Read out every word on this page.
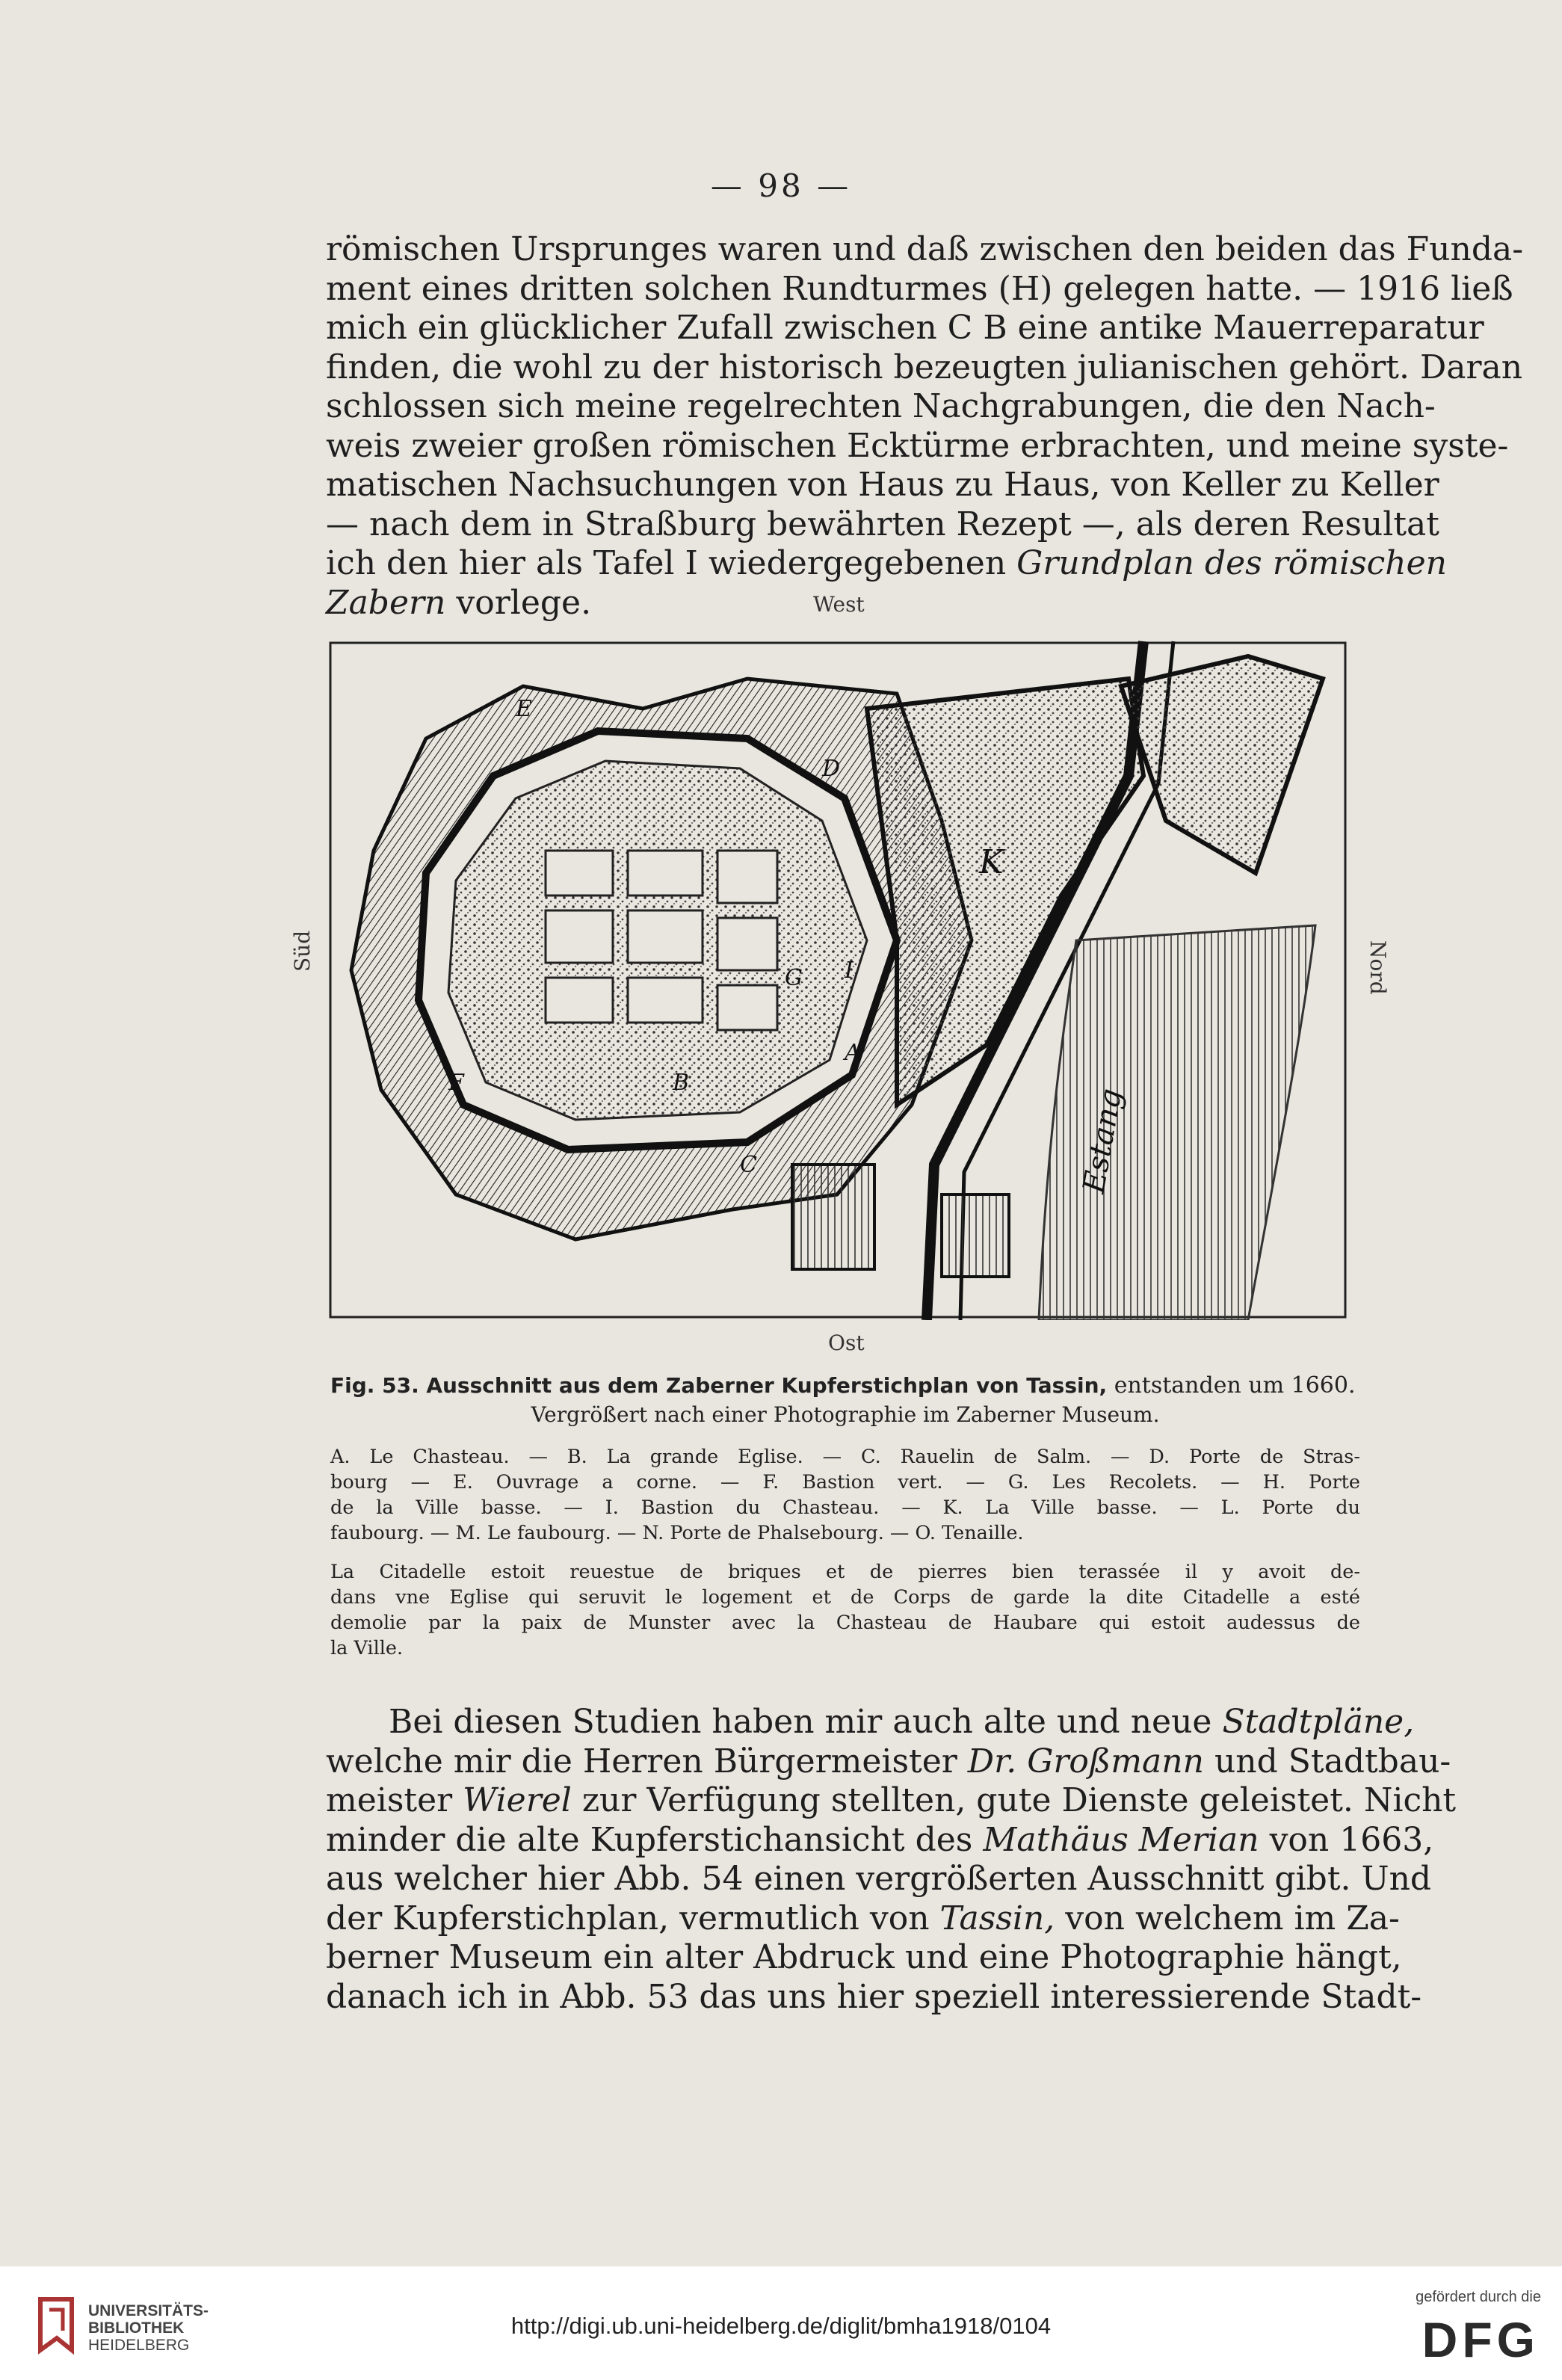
— 98 —
römischen Ursprunges waren und daß zwischen den beiden das Funda-
ment eines dritten solchen Rundturmes (H) gelegen hatte. — 1916 ließ
mich ein glücklicher Zufall zwischen C B eine antike Mauerreparatur
finden, die wohl zu der historisch bezeugten julianischen gehört. Daran
schlossen sich meine regelrechten Nachgrabungen, die den Nach-
weis zweier großen römischen Ecktürme erbrachten, und meine syste-
matischen Nachsuchungen von Haus zu Haus, von Keller zu Keller
— nach dem in Straßburg bewährten Rezept —, als deren Resultat
ich den hier als Tafel I wiedergegebenen Grundplan des römischen
Zabern vorlege.	West
Ost
Süd	Nord
E
A
F
G
B
D
C
K
I
Estang
Fig. 53. Ausschnitt aus dem Zaberner Kupferstichplan von Tassin, entstanden um 1660.
Vergrößert nach einer Photographie im Zaberner Museum.
A. Le Chasteau. — B. La grande Eglise. — C. Rauelin de Salm. — D. Porte de Stras-
bourg — E. Ouvrage a corne. — F. Bastion vert. — G. Les Recolets. — H. Porte
de la Ville basse. — I. Bastion du Chasteau. — K. La Ville basse. — L. Porte du
faubourg. — M. Le faubourg. — N. Porte de Phalsebourg. — O. Tenaille.
La Citadelle estoit reuestue de briques et de pierres bien terassée il y avoit de-
dans vne Eglise qui seruvit le logement et de Corps de garde la dite Citadelle a esté
demolie par la paix de Munster avec la Chasteau de Haubare qui estoit audessus de
la Ville.
Bei diesen Studien haben mir auch alte und neue Stadtpläne,
welche mir die Herren Bürgermeister Dr. Großmann und Stadtbau-
meister Wierel zur Verfügung stellten, gute Dienste geleistet. Nicht
minder die alte Kupferstichansicht des Mathäus Merian von 1663,
aus welcher hier Abb. 54 einen vergrößerten Ausschnitt gibt. Und
der Kupferstichplan, vermutlich von Tassin, von welchem im Za-
berner Museum ein alter Abdruck und eine Photographie hängt,
danach ich in Abb. 53 das uns hier speziell interessierende Stadt-
UNIVERSITÄTS-
BIBLIOTHEK
HEIDELBERG
http://digi.ub.uni-heidelberg.de/diglit/bmha1918/0104
gefördert durch die
DFG
